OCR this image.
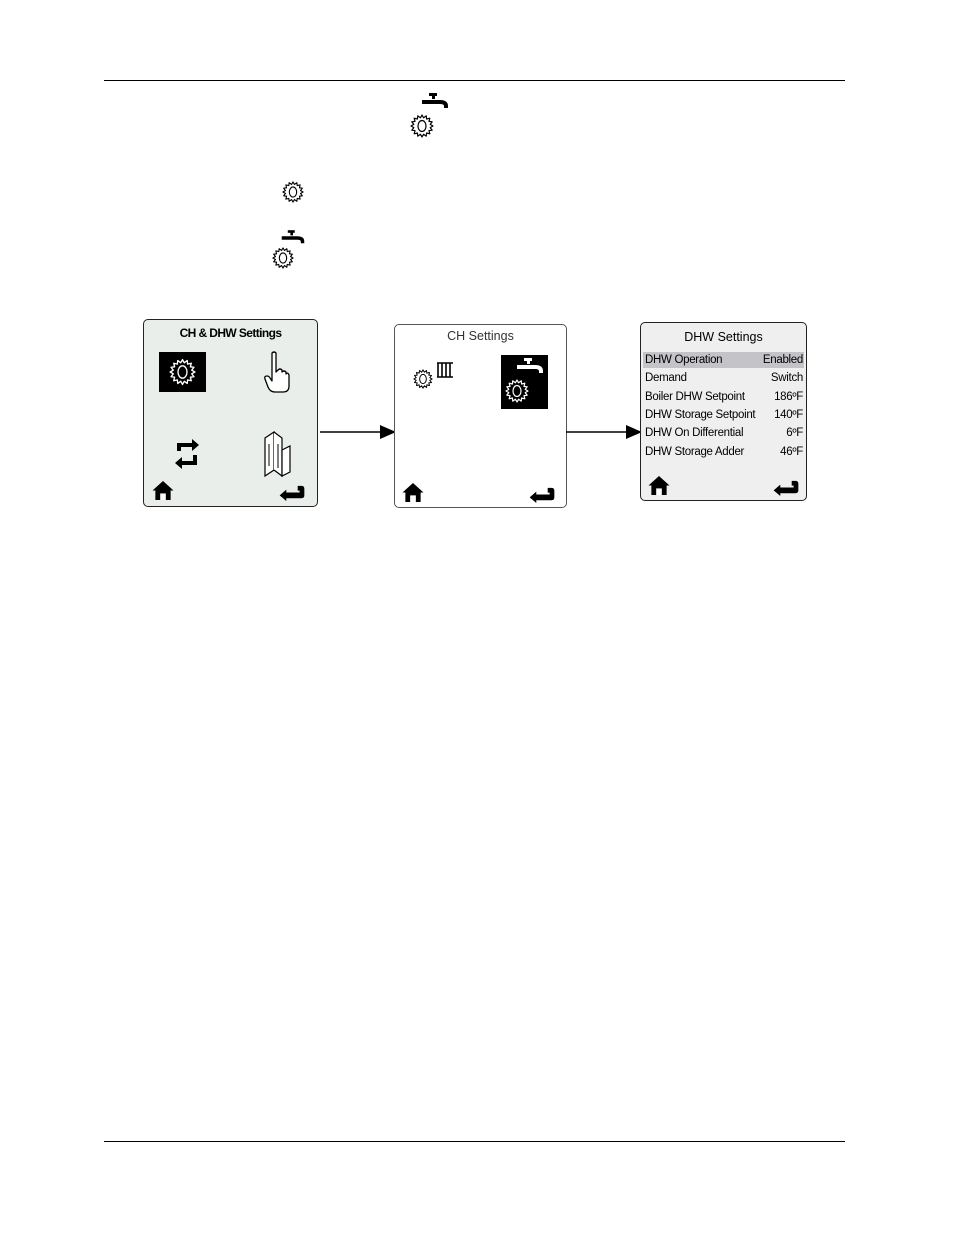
CH & DHW Settings	CH Settings	DHW Settings
DHW Operation	Enabled
Demand	Switch
Boiler DHW Setpoint	186ºF
DHW Storage Setpoint 140ºF
DHW On Differential	6ºF
DHW Storage Adder	46ºF
